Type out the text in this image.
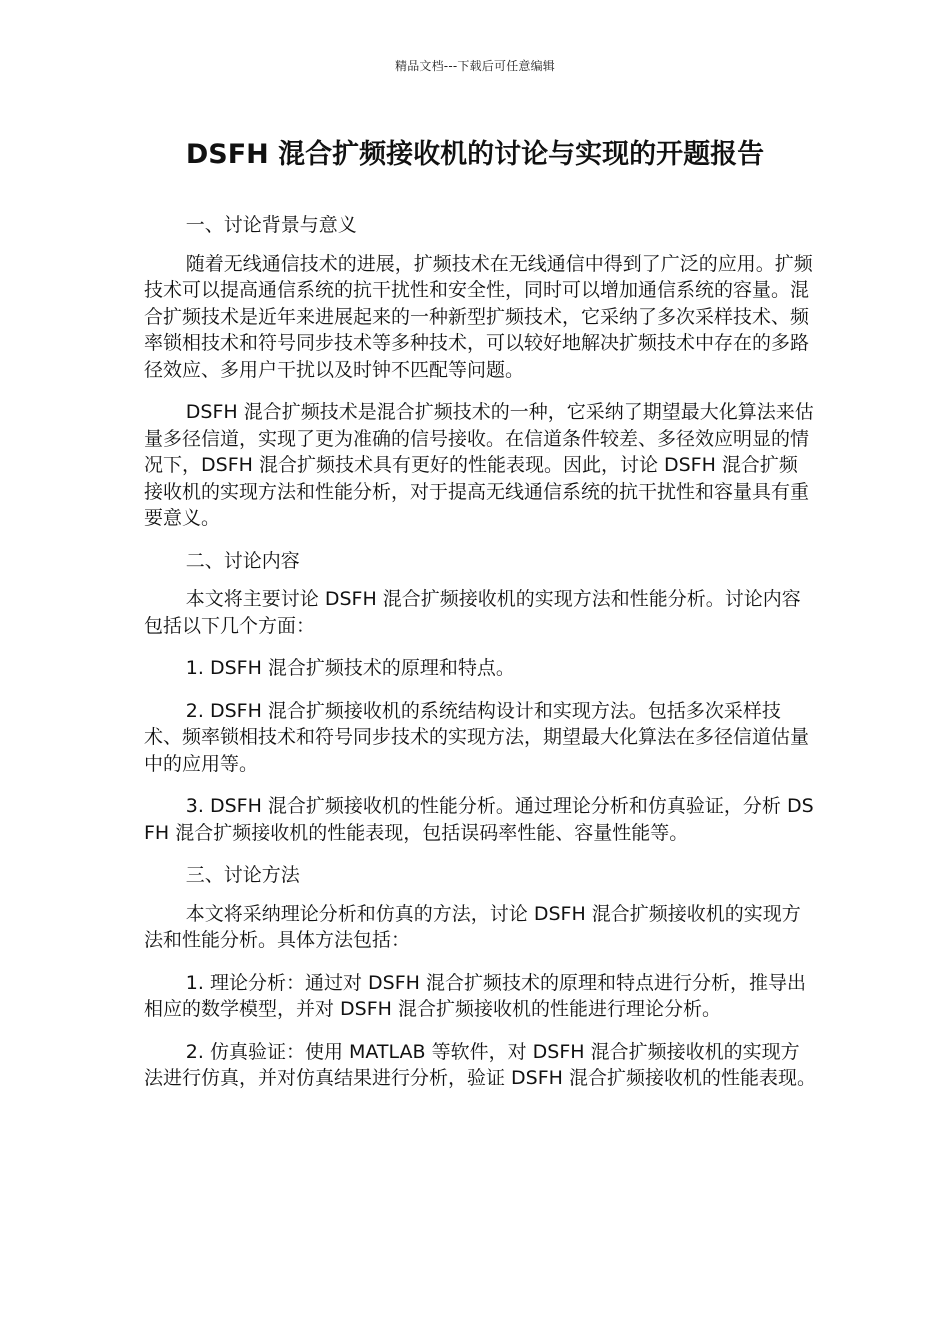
精品文档---下载后可任意编辑
DSFH 混合扩频接收机的讨论与实现的开题报告

一、讨论背景与意义

随着无线通信技术的进展，扩频技术在无线通信中得到了广泛的应用。扩频技术可以提高通信系统的抗干扰性和安全性，同时可以增加通信系统的容量。混合扩频技术是近年来进展起来的一种新型扩频技术，它采纳了多次采样技术、频率锁相技术和符号同步技术等多种技术，可以较好地解决扩频技术中存在的多路径效应、多用户干扰以及时钟不匹配等问题。

DSFH 混合扩频技术是混合扩频技术的一种，它采纳了期望最大化算法来估量多径信道，实现了更为准确的信号接收。在信道条件较差、多径效应明显的情况下，DSFH 混合扩频技术具有更好的性能表现。因此，讨论 DSFH 混合扩频接收机的实现方法和性能分析，对于提高无线通信系统的抗干扰性和容量具有重要意义。

二、讨论内容

本文将主要讨论 DSFH 混合扩频接收机的实现方法和性能分析。讨论内容包括以下几个方面：

1. DSFH 混合扩频技术的原理和特点。

2. DSFH 混合扩频接收机的系统结构设计和实现方法。包括多次采样技术、频率锁相技术和符号同步技术的实现方法，期望最大化算法在多径信道估量中的应用等。

3. DSFH 混合扩频接收机的性能分析。通过理论分析和仿真验证，分析 DSFH 混合扩频接收机的性能表现，包括误码率性能、容量性能等。

三、讨论方法

本文将采纳理论分析和仿真的方法，讨论 DSFH 混合扩频接收机的实现方法和性能分析。具体方法包括：

1. 理论分析：通过对 DSFH 混合扩频技术的原理和特点进行分析，推导出相应的数学模型，并对 DSFH 混合扩频接收机的性能进行理论分析。

2. 仿真验证：使用 MATLAB 等软件，对 DSFH 混合扩频接收机的实现方法进行仿真，并对仿真结果进行分析，验证 DSFH 混合扩频接收机的性能表现。
